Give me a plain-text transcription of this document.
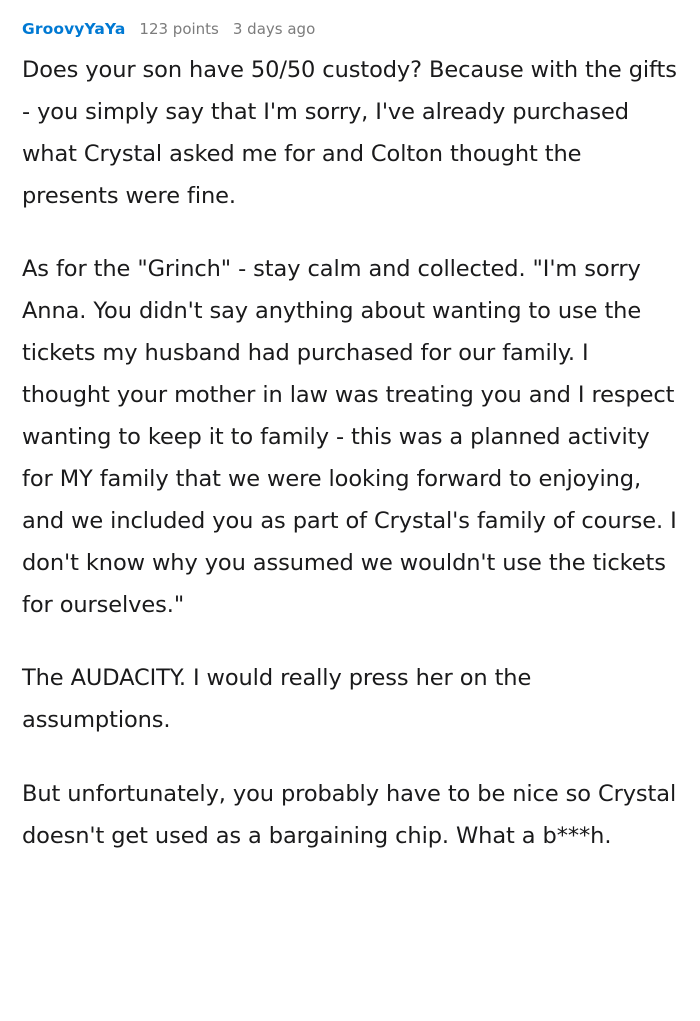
GroovyYaYa 123 points 3 days ago

Does your son have 50/50 custody? Because with the gifts - you simply say that I'm sorry, I've already purchased what Crystal asked me for and Colton thought the presents were fine.

As for the "Grinch" - stay calm and collected. "I'm sorry Anna. You didn't say anything about wanting to use the tickets my husband had purchased for our family. I thought your mother in law was treating you and I respect wanting to keep it to family - this was a planned activity for MY family that we were looking forward to enjoying, and we included you as part of Crystal's family of course. I don't know why you assumed we wouldn't use the tickets for ourselves."

The AUDACITY. I would really press her on the assumptions.

But unfortunately, you probably have to be nice so Crystal doesn't get used as a bargaining chip. What a b***h.
